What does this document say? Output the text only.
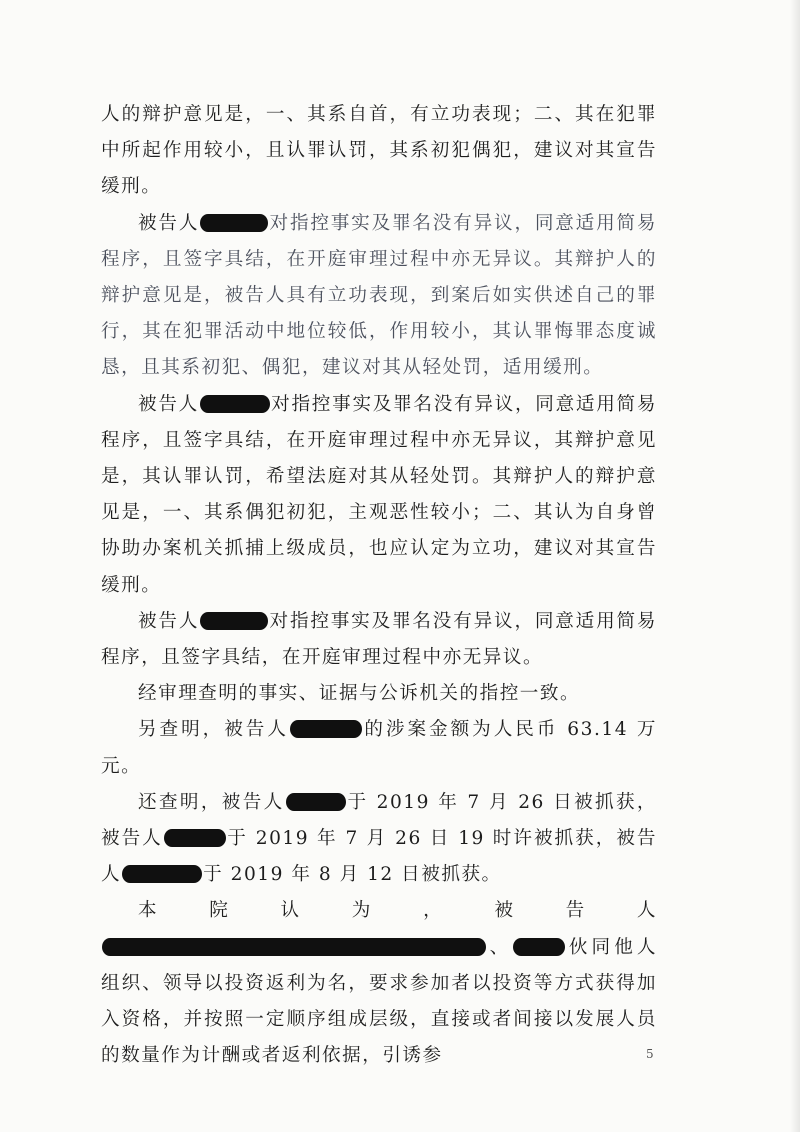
人的辩护意见是，一、其系自首，有立功表现；二、其在犯罪中所起作用较小，且认罪认罚，其系初犯偶犯，建议对其宣告缓刑。

被告人	对指控事实及罪名没有异议，同意适用简易程序，且签字具结，在开庭审理过程中亦无异议。其辩护人的辩护意见是，被告人具有立功表现，到案后如实供述自己的罪行，其在犯罪活动中地位较低，作用较小，其认罪悔罪态度诚恳，且其系初犯、偶犯，建议对其从轻处罚，适用缓刑。

被告人	对指控事实及罪名没有异议，同意适用简易程序，且签字具结，在开庭审理过程中亦无异议，其辩护意见是，其认罪认罚，希望法庭对其从轻处罚。其辩护人的辩护意见是，一、其系偶犯初犯，主观恶性较小；二、其认为自身曾协助办案机关抓捕上级成员，也应认定为立功，建议对其宣告缓刑。

被告人	对指控事实及罪名没有异议，同意适用简易程序，且签字具结，在开庭审理过程中亦无异议。

经审理查明的事实、证据与公诉机关的指控一致。

另查明，被告人	的涉案金额为人民币 63.14 万元。

还查明，被告人	于 2019 年 7 月 26 日被抓获，被告人	于 2019 年 7 月 26 日 19 时许被抓获，被告人	于 2019 年 8 月 12 日被抓获。

本院认为，被告人、	伙同他人组织、领导以投资返利为名，要求参加者以投资等方式获得加入资格，并按照一定顺序组成层级，直接或者间接以发展人员的数量作为计酬或者返利依据，引诱参	5
